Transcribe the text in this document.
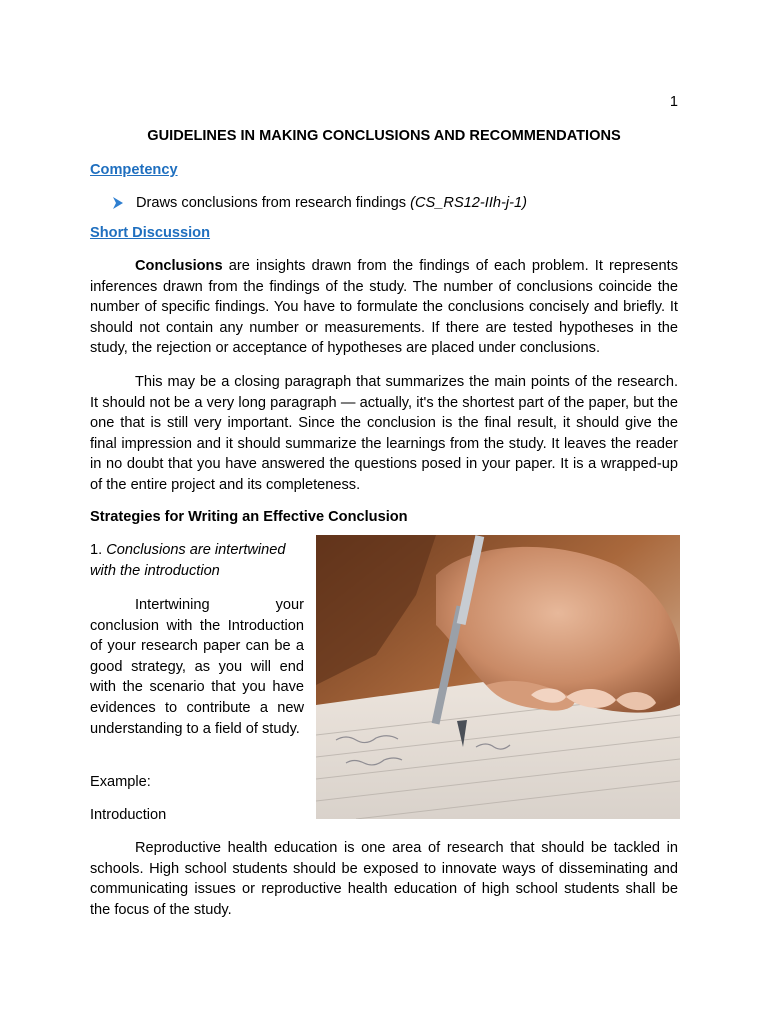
1
GUIDELINES IN MAKING CONCLUSIONS AND RECOMMENDATIONS
Competency
Draws conclusions from research findings (CS_RS12-IIh-j-1)
Short Discussion

Conclusions are insights drawn from the findings of each problem. It represents inferences drawn from the findings of the study. The number of conclusions coincide the number of specific findings. You have to formulate the conclusions concisely and briefly. It should not contain any number or measurements. If there are tested hypotheses in the study, the rejection or acceptance of hypotheses are placed under conclusions.

This may be a closing paragraph that summarizes the main points of the research. It should not be a very long paragraph — actually, it's the shortest part of the paper, but the one that is still very important. Since the conclusion is the final result, it should give the final impression and it should summarize the learnings from the study. It leaves the reader in no doubt that you have answered the questions posed in your paper. It is a wrapped-up of the entire project and its completeness.

Strategies for Writing an Effective Conclusion
1. Conclusions are intertwined with the introduction
Intertwining your conclusion with the Introduction of your research paper can be a good strategy, as you will end with the scenario that you have evidences to contribute a new understanding to a field of study.
Example:
Introduction

Reproductive health education is one area of research that should be tackled in schools. High school students should be exposed to innovate ways of disseminating and communicating issues or reproductive health education of high school students shall be the focus of the study.
